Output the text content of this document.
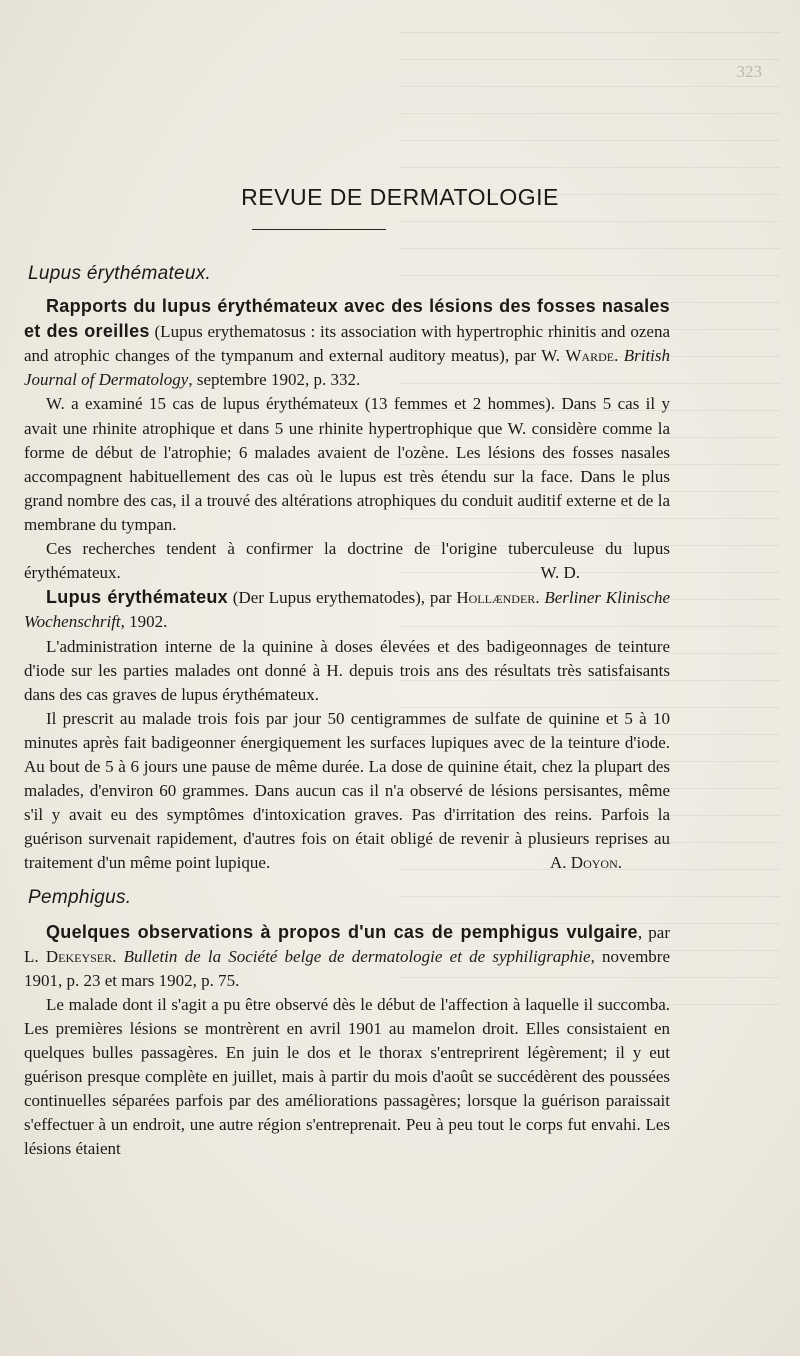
323
REVUE DE DERMATOLOGIE
Lupus érythémateux.

Rapports du lupus érythémateux avec des lésions des fosses nasales et des oreilles (Lupus erythematosus : its association with hypertrophic rhinitis and ozena and atrophic changes of the tympanum and external auditory meatus), par W. Warde. British Journal of Dermatology, septembre 1902, p. 332.

W. a examiné 15 cas de lupus érythémateux (13 femmes et 2 hommes). Dans 5 cas il y avait une rhinite atrophique et dans 5 une rhinite hypertrophique que W. considère comme la forme de début de l'atrophie; 6 malades avaient de l'ozène. Les lésions des fosses nasales accompagnent habituellement des cas où le lupus est très étendu sur la face. Dans le plus grand nombre des cas, il a trouvé des altérations atrophiques du conduit auditif externe et de la membrane du tympan.

Ces recherches tendent à confirmer la doctrine de l'origine tuberculeuse du lupus érythémateux.	W. D.

Lupus érythémateux (Der Lupus erythematodes), par Hollænder. Berliner Klinische Wochenschrift, 1902.

L'administration interne de la quinine à doses élevées et des badigeonnages de teinture d'iode sur les parties malades ont donné à H. depuis trois ans des résultats très satisfaisants dans des cas graves de lupus érythémateux.

Il prescrit au malade trois fois par jour 50 centigrammes de sulfate de quinine et 5 à 10 minutes après fait badigeonner énergiquement les surfaces lupiques avec de la teinture d'iode. Au bout de 5 à 6 jours une pause de même durée. La dose de quinine était, chez la plupart des malades, d'environ 60 grammes. Dans aucun cas il n'a observé de lésions persisantes, même s'il y avait eu des symptômes d'intoxication graves. Pas d'irritation des reins. Parfois la guérison survenait rapidement, d'autres fois on était obligé de revenir à plusieurs reprises au traitement d'un même point lupique.	A. Doyon.
Pemphigus.

Quelques observations à propos d'un cas de pemphigus vulgaire, par L. Dekeyser. Bulletin de la Société belge de dermatologie et de syphiligraphie, novembre 1901, p. 23 et mars 1902, p. 75.

Le malade dont il s'agit a pu être observé dès le début de l'affection à laquelle il succomba. Les premières lésions se montrèrent en avril 1901 au mamelon droit. Elles consistaient en quelques bulles passagères. En juin le dos et le thorax s'entreprirent légèrement; il y eut guérison presque complète en juillet, mais à partir du mois d'août se succédèrent des poussées continuelles séparées parfois par des améliorations passagères; lorsque la guérison paraissait s'effectuer à un endroit, une autre région s'entreprenait. Peu à peu tout le corps fut envahi. Les lésions étaient
